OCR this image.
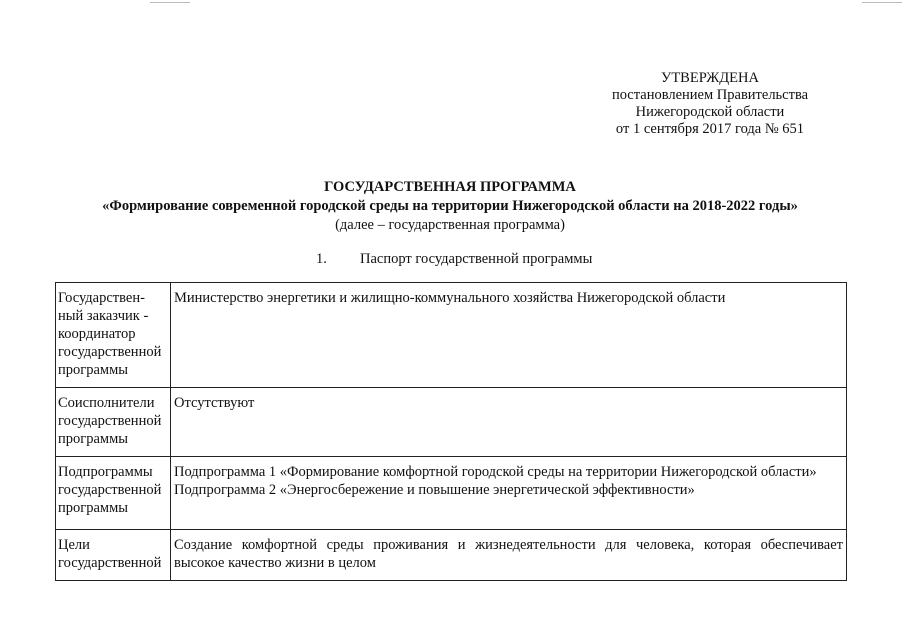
УТВЕРЖДЕНА
постановлением Правительства
Нижегородской области
от 1 сентября 2017 года № 651
ГОСУДАРСТВЕННАЯ ПРОГРАММА
«Формирование современной городской среды на территории Нижегородской области на 2018-2022 годы»
(далее – государственная программа)
1. Паспорт государственной программы
Государствен-
ный заказчик -
координатор
государственной
программы	Министерство энергетики и жилищно-коммунального хозяйства Нижегородской области

Соисполнители
государственной
программы	Отсутствуют

Подпрограммы
государственной
программы	Подпрограмма 1 «Формирование комфортной городской среды на территории Нижегородской области»
Подпрограмма 2 «Энергосбережение и повышение энергетической эффективности»

Цели
государственной	Создание комфортной среды проживания и жизнедеятельности для человека, которая обеспечивает высокое качество жизни в целом
